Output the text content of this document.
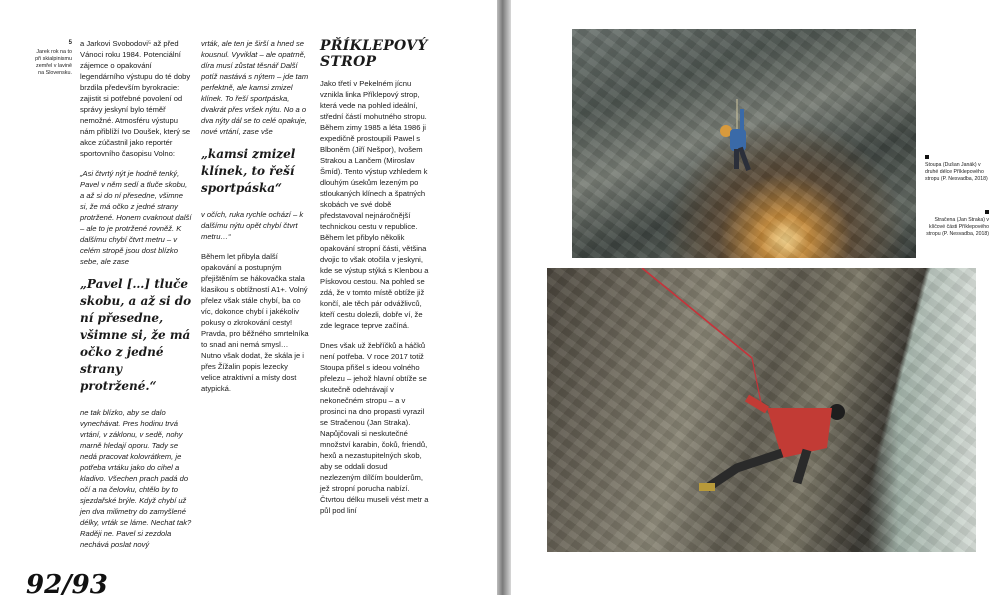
5
Jarek rok na to při skialpinismu zemřel v lavině na Slovensku.

a Jarkovi Svobodovi⁵ až před Vánoci roku 1984. Potenciální zájemce o opakování legendárního výstupu do té doby brzdila především byrokracie: zajistit si potřebné povolení od správy jeskyní bylo téměř nemožné. Atmosféru výstupu nám přiblíží Ivo Doušek, který se akce zúčastnil jako reportér sportovního časopisu Volno:

„Asi čtvrtý nýt je hodně tenký, Pavel v něm sedí a tluče skobu, a až si do ní přesedne, všimne si, že má očko z jedné strany protržené. Honem cvaknout další – ale to je protržené rovněž. K dalšímu chybí čtvrt metru – v celém stropě jsou dost blízko sebe, ale zase

„Pavel […] tluče skobu, a až si do ní přesedne, všimne si, že má očko z jedné strany protržené.“

ne tak blízko, aby se dalo vynechávat. Pres hodinu trvá vrtání, v záklonu, v sedě, nohy marně hledají oporu. Tady se nedá pracovat kolovrátkem, je potřeba vrtáku jako do cihel a kladivo. Všechen prach padá do očí a na čelovku, chtělo by to sjezdařské brýle. Když chybí už jen dva milimetry do zamyšlené délky, vrták se láme. Nechat tak? Raději ne. Pavel si zezdola nechává poslat nový

vrták, ale ten je širší a hned se kousnul. Vyviklat – ale opatrně, díra musí zůstat těsnář Další potíž nastává s nýtem – jde tam perfektně, ale kamsi zmizel klínek. To řeší sportpáska, dvakrát přes vršek nýtu. No a o dva nýty dál se to celé opakuje, nové vrtání, zase vše

„kamsi zmizel klínek, to řeší sportpáska“

v očích, ruka rychle ochází – k dalšímu nýtu opět chybí čtvrt metru…“

Během let přibyla další opakování a postupným přejištěním se hákovačka stala klasikou s obtížností A1+. Volný přelez však stále chybí, ba co víc, dokonce chybí i jakékoliv pokusy o zkrokování cesty! Pravda, pro běžného smrtelníka to snad ani nemá smysl… Nutno však dodat, že skála je i přes Žížalin popis lezecky velice atraktivní a místy dost atypická.

PŘÍKLEPOVÝ STROP

Jako třetí v Pekelném jícnu vznikla linka Příklepový strop, která vede na pohled ideální, střední částí mohutného stropu. Během zimy 1985 a léta 1986 ji expedičně prostoupili Pawel s Blboněm (Jiří Nešpor), Ivošem Strakou a Lančem (Miroslav Šmíd). Tento výstup vzhledem k dlouhým úsekům lezeným po stloukaných klínech a špatných skobách ve své době představoval nejnáročnější technickou cestu v republice. Během let přibylo několik opakování stropní části, většina dvojic to však otočila v jeskyni, kde se výstup stýká s Klenbou a Pískovou cestou. Na pohled se zdá, že v tomto místě obtíže již končí, ale těch pár odvážlivců, kteří cestu dolezli, dobře ví, že zde legrace teprve začíná.

Dnes však už žebříčků a háčků není potřeba. V roce 2017 totiž Stoupa přišel s ideou volného přelezu – jehož hlavní obtíže se skutečně odehrávají v nekonečném stropu – a v prosinci na dno propasti vyrazil se Stračenou (Jan Straka). Napůjčovali si neskutečné množství karabin, čoků, friendů, hexů a nezastupitelných skob, aby se oddali dosud nezlezeným dílčím boulderům, jež stropní porucha nabízí. Čtvrtou délku museli vést metr a půl pod liní

92/93
Stoupa (Dušan Janák) v druhé délce Příklepového stropu (P. Nesvadba, 2018)
Stračena (Jan Straka) v klíčové části Příklepového stropu (P. Nesvadba, 2018)
